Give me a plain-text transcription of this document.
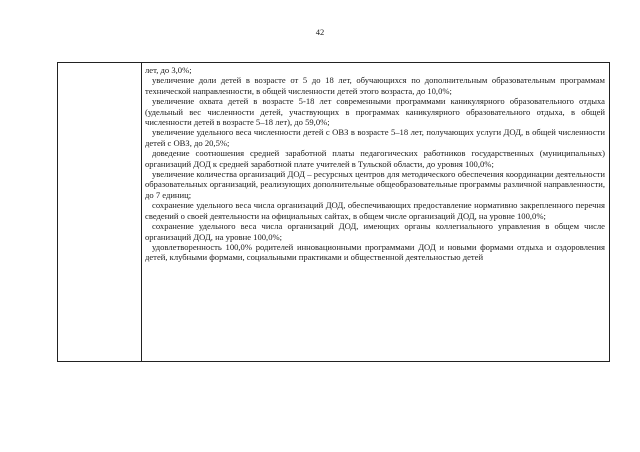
42

лет, до 3,0%;

увеличение доли детей в возрасте от 5 до 18 лет, обучающихся по дополнительным образовательным программам технической направленности, в общей численности детей этого возраста, до 10,0%;

увеличение охвата детей в возрасте 5-18 лет современными программами каникулярного образовательного отдыха (удельный вес численности детей, участвующих в программах каникулярного образовательного отдыха, в общей численности детей в возрасте 5–18 лет), до 59,0%;

увеличение удельного веса численности детей с ОВЗ в возрасте 5–18 лет, получающих услуги ДОД, в общей численности детей с ОВЗ, до 20,5%;

доведение соотношения средней заработной платы педагогических работников государственных (муниципальных) организаций ДОД к средней заработной плате учителей в Тульской области, до уровня 100,0%;

увеличение количества организаций ДОД – ресурсных центров для методического обеспечения координации деятельности образовательных организаций, реализующих дополнительные общеобразовательные программы различной направленности, до 7 единиц;

сохранение удельного веса числа организаций ДОД, обеспечивающих предоставление нормативно закрепленного перечня сведений о своей деятельности на официальных сайтах, в общем числе организаций ДОД, на уровне 100,0%;

сохранение удельного веса числа организаций ДОД, имеющих органы коллегиального управления в общем числе организаций ДОД, на уровне 100,0%;

удовлетворенность 100,0% родителей инновационными программами ДОД и новыми формами отдыха и оздоровления детей, клубными формами, социальными практиками и общественной деятельностью детей
